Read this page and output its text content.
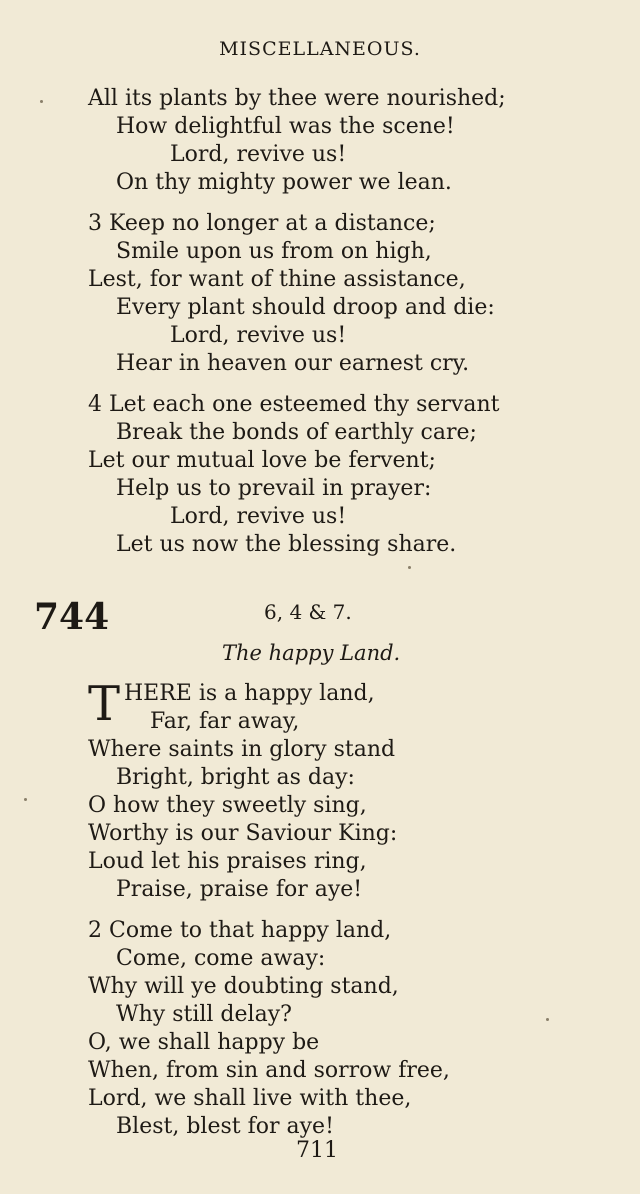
MISCELLANEOUS.
All its plants by thee were nourished;
How delightful was the scene!
Lord, revive us!
On thy mighty power we lean.
3 Keep no longer at a distance;
Smile upon us from on high,
Lest, for want of thine assistance,
Every plant should droop and die:
Lord, revive us!
Hear in heaven our earnest cry.
4 Let each one esteemed thy servant
Break the bonds of earthly care;
Let our mutual love be fervent;
Help us to prevail in prayer:
Lord, revive us!
Let us now the blessing share.
744	6, 4 & 7.
The happy Land.
T HERE is a happy land,
Far, far away,
Where saints in glory stand
Bright, bright as day:
O how they sweetly sing,
Worthy is our Saviour King:
Loud let his praises ring,
Praise, praise for aye!
2 Come to that happy land,
Come, come away:
Why will ye doubting stand,
Why still delay?
O, we shall happy be
When, from sin and sorrow free,
Lord, we shall live with thee,
Blest, blest for aye!
711
